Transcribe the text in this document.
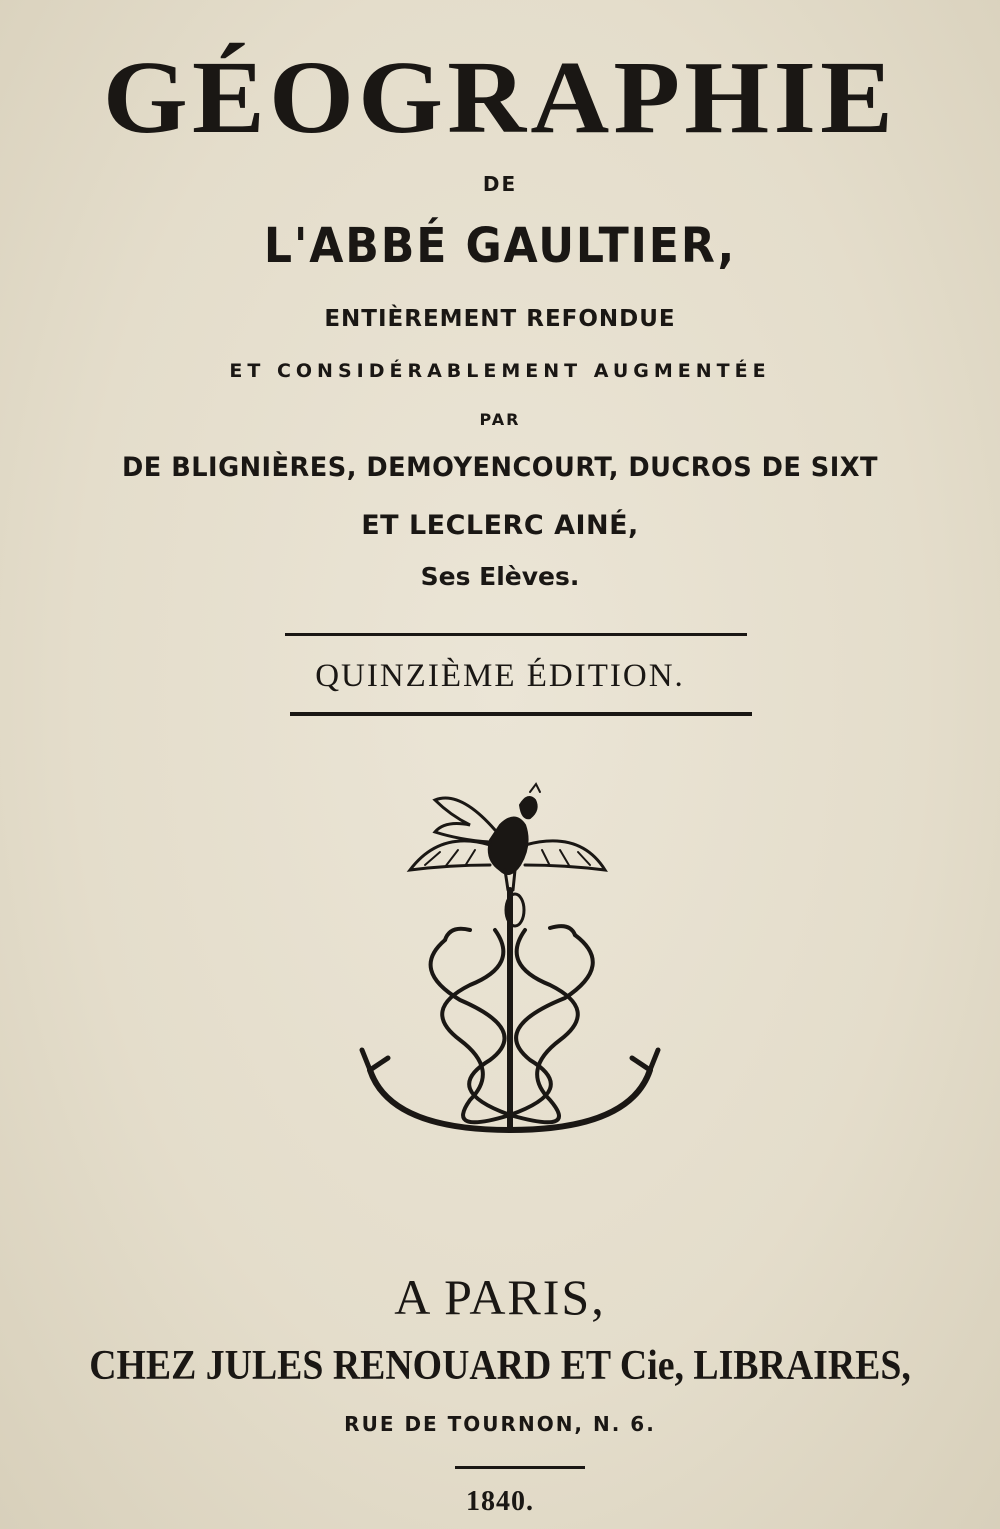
GÉOGRAPHIE
DE
L'ABBÉ GAULTIER,
ENTIÈREMENT REFONDUE
ET CONSIDÉRABLEMENT AUGMENTÉE
PAR
DE BLIGNIÈRES, DEMOYENCOURT, DUCROS DE SIXT
ET LECLERC AINÉ,
Ses Elèves.
QUINZIÈME ÉDITION.
A PARIS,
CHEZ JULES RENOUARD ET Cie, LIBRAIRES,
RUE DE TOURNON, N. 6.
1840.
